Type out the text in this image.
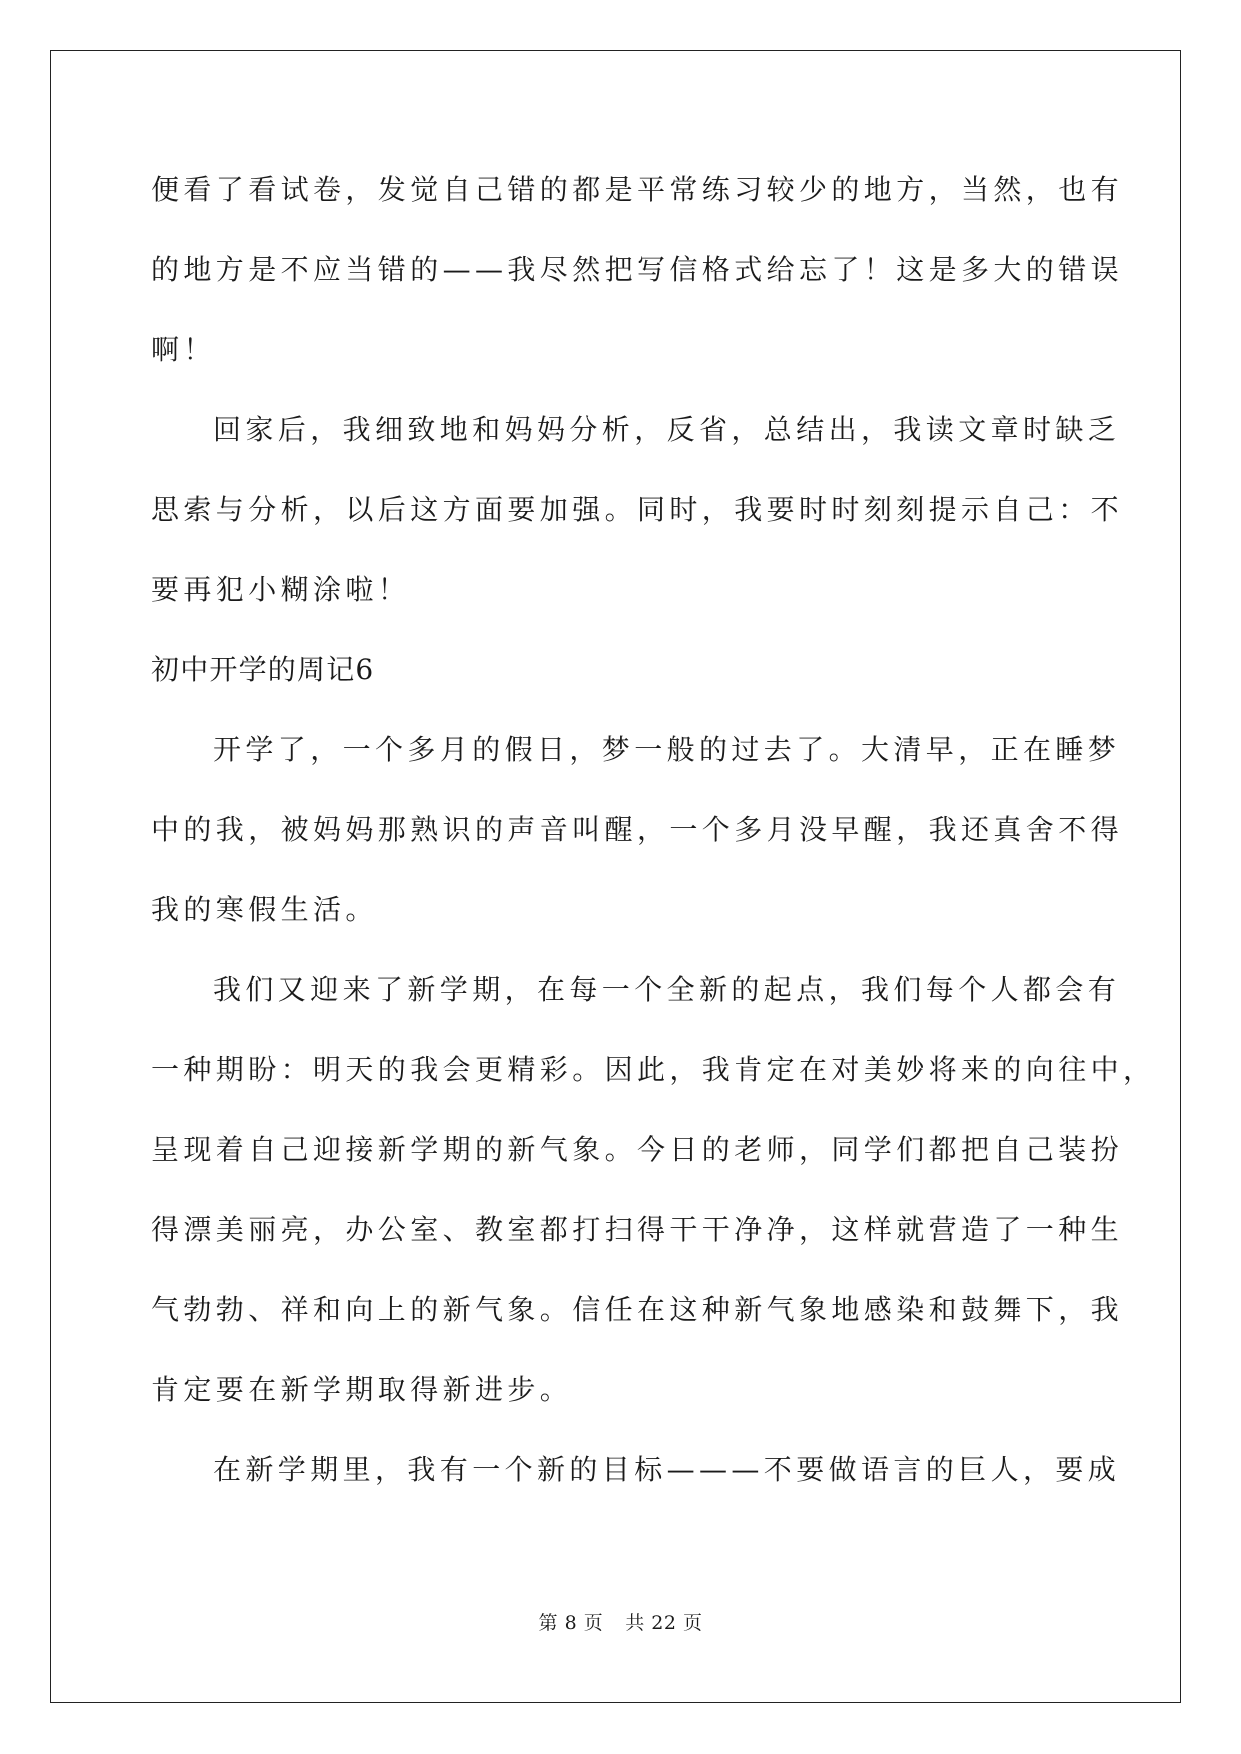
便看了看试卷，发觉自己错的都是平常练习较少的地方，当然，也有
的地方是不应当错的——我尽然把写信格式给忘了！这是多大的错误
啊！
回家后，我细致地和妈妈分析，反省，总结出，我读文章时缺乏
思索与分析，以后这方面要加强。同时，我要时时刻刻提示自己：不
要再犯小糊涂啦！
初中开学的周记6
开学了，一个多月的假日，梦一般的过去了。大清早，正在睡梦
中的我，被妈妈那熟识的声音叫醒，一个多月没早醒，我还真舍不得
我的寒假生活。
我们又迎来了新学期，在每一个全新的起点，我们每个人都会有
一种期盼：明天的我会更精彩。因此，我肯定在对美妙将来的向往中，
呈现着自己迎接新学期的新气象。今日的老师，同学们都把自己装扮
得漂美丽亮，办公室、教室都打扫得干干净净，这样就营造了一种生
气勃勃、祥和向上的新气象。信任在这种新气象地感染和鼓舞下，我
肯定要在新学期取得新进步。
在新学期里，我有一个新的目标———不要做语言的巨人，要成
第 8 页 共 22 页
